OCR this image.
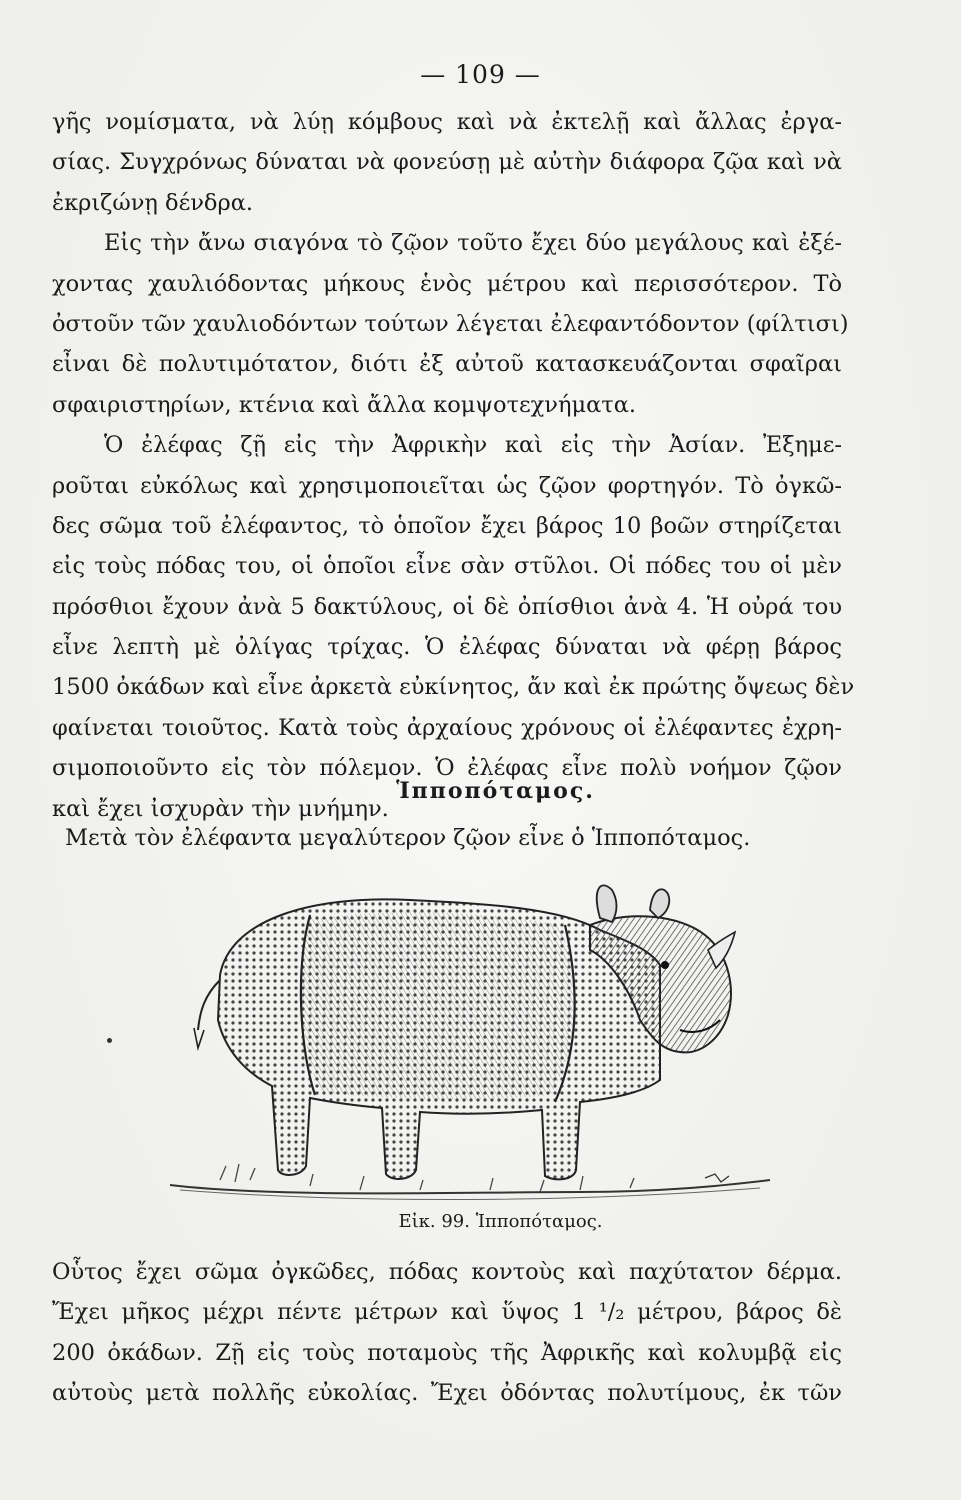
— 109 —
γῆς νομίσματα, νὰ λύῃ κόμβους καὶ νὰ ἐκτελῇ καὶ ἄλλας ἐργα-
σίας. Συγχρόνως δύναται νὰ φονεύσῃ μὲ αὐτὴν διάφορα ζῷα καὶ νὰ
ἐκριζώνῃ δένδρα.
Εἰς τὴν ἄνω σιαγόνα τὸ ζῷον τοῦτο ἔχει δύο μεγάλους καὶ ἐξέ-
χοντας χαυλιόδοντας μήκους ἑνὸς μέτρου καὶ περισσότερον. Τὸ
ὀστοῦν τῶν χαυλιοδόντων τούτων λέγεται ἐλεφαντόδοντον (φίλτισι)
εἶναι δὲ πολυτιμότατον, διότι ἐξ αὐτοῦ κατασκευάζονται σφαῖραι
σφαιριστηρίων, κτένια καὶ ἄλλα κομψοτεχνήματα.
Ὁ ἐλέφας ζῇ εἰς τὴν Ἀφρικὴν καὶ εἰς τὴν Ἀσίαν. Ἐξημε-
ροῦται εὐκόλως καὶ χρησιμοποιεῖται ὡς ζῷον φορτηγόν. Τὸ ὀγκῶ-
δες σῶμα τοῦ ἐλέφαντος, τὸ ὁποῖον ἔχει βάρος 10 βοῶν στηρίζεται
εἰς τοὺς πόδας του, οἱ ὁποῖοι εἶνε σὰν στῦλοι. Οἱ πόδες του οἱ μὲν
πρόσθιοι ἔχουν ἀνὰ 5 δακτύλους, οἱ δὲ ὀπίσθιοι ἀνὰ 4. Ἡ οὐρά του
εἶνε λεπτὴ μὲ ὀλίγας τρίχας. Ὁ ἐλέφας δύναται νὰ φέρῃ βάρος
1500 ὀκάδων καὶ εἶνε ἀρκετὰ εὐκίνητος, ἄν καὶ ἐκ πρώτης ὄψεως δὲν
φαίνεται τοιοῦτος. Κατὰ τοὺς ἀρχαίους χρόνους οἱ ἐλέφαντες ἐχρη-
σιμοποιοῦντο εἰς τὸν πόλεμον. Ὁ ἐλέφας εἶνε πολὺ νοήμον ζῷον
καὶ ἔχει ἰσχυρὰν τὴν μνήμην.
Ἱπποπόταμος.
Μετὰ τὸν ἐλέφαντα μεγαλύτερον ζῷον εἶνε ὁ Ἱπποπόταμος.
Εἰκ. 99. Ἱπποπόταμος.
Οὗτος ἔχει σῶμα ὀγκῶδες, πόδας κοντοὺς καὶ παχύτατον δέρμα.
Ἔχει μῆκος μέχρι πέντε μέτρων καὶ ὕψος 1 ¹/₂ μέτρου, βάρος δὲ
200 ὀκάδων. Ζῇ εἰς τοὺς ποταμοὺς τῆς Ἀφρικῆς καὶ κολυμβᾷ εἰς
αὐτοὺς μετὰ πολλῆς εὐκολίας. Ἔχει ὀδόντας πολυτίμους, ἐκ τῶν
